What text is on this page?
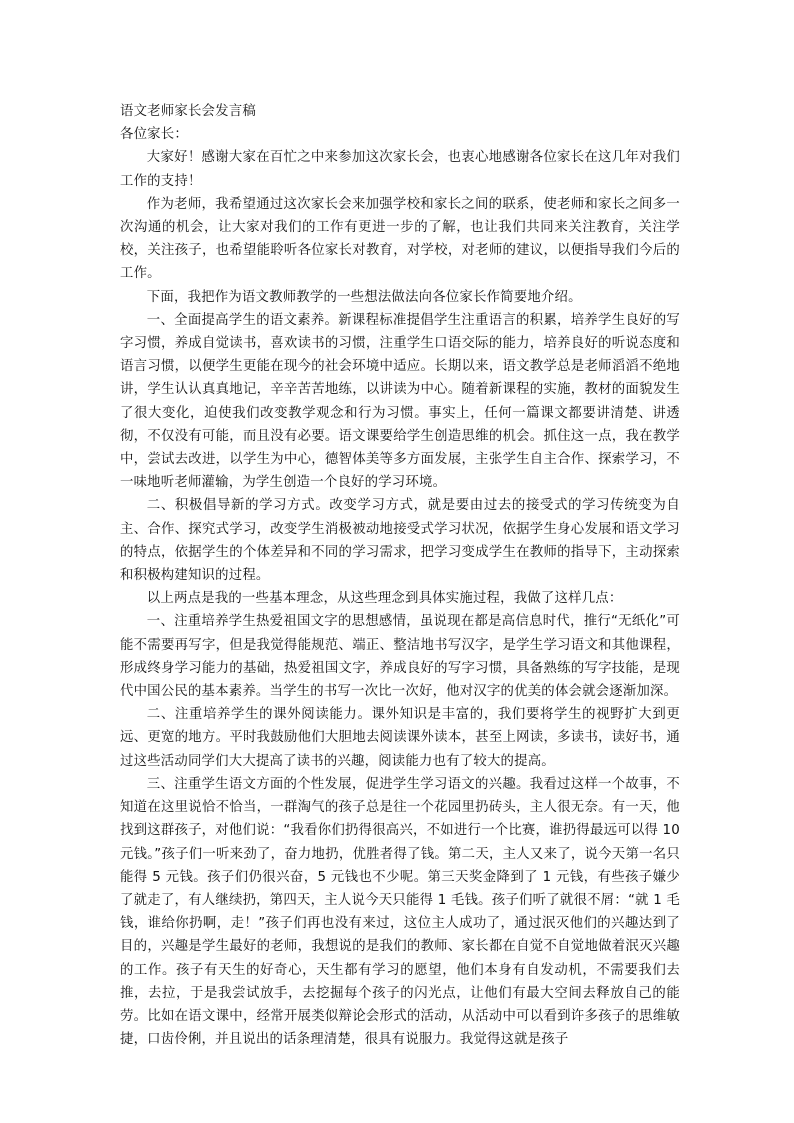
语文老师家长会发言稿

各位家长：

大家好！感谢大家在百忙之中来参加这次家长会，也衷心地感谢各位家长在这几年对我们工作的支持！

作为老师，我希望通过这次家长会来加强学校和家长之间的联系，使老师和家长之间多一次沟通的机会，让大家对我们的工作有更进一步的了解，也让我们共同来关注教育，关注学校，关注孩子，也希望能聆听各位家长对教育，对学校，对老师的建议，以便指导我们今后的工作。

下面，我把作为语文教师教学的一些想法做法向各位家长作简要地介绍。

一、全面提高学生的语文素养。新课程标准提倡学生注重语言的积累，培养学生良好的写字习惯，养成自觉读书，喜欢读书的习惯，注重学生口语交际的能力，培养良好的听说态度和语言习惯，以便学生更能在现今的社会环境中适应。长期以来，语文教学总是老师滔滔不绝地讲，学生认认真真地记，辛辛苦苦地练，以讲读为中心。随着新课程的实施，教材的面貌发生了很大变化，迫使我们改变教学观念和行为习惯。事实上，任何一篇课文都要讲清楚、讲透彻，不仅没有可能，而且没有必要。语文课要给学生创造思维的机会。抓住这一点，我在教学中，尝试去改进，以学生为中心，德智体美等多方面发展，主张学生自主合作、探索学习，不一味地听老师灌输，为学生创造一个良好的学习环境。

二、积极倡导新的学习方式。改变学习方式，就是要由过去的接受式的学习传统变为自主、合作、探究式学习，改变学生消极被动地接受式学习状况，依据学生身心发展和语文学习的特点，依据学生的个体差异和不同的学习需求，把学习变成学生在教师的指导下，主动探索和积极构建知识的过程。

以上两点是我的一些基本理念，从这些理念到具体实施过程，我做了这样几点：

一、注重培养学生热爱祖国文字的思想感情，虽说现在都是高信息时代，推行“无纸化”可能不需要再写字，但是我觉得能规范、端正、整洁地书写汉字，是学生学习语文和其他课程，形成终身学习能力的基础，热爱祖国文字，养成良好的写字习惯，具备熟练的写字技能，是现代中国公民的基本素养。当学生的书写一次比一次好，他对汉字的优美的体会就会逐渐加深。

二、注重培养学生的课外阅读能力。课外知识是丰富的，我们要将学生的视野扩大到更远、更宽的地方。平时我鼓励他们大胆地去阅读课外读本，甚至上网读，多读书，读好书，通过这些活动同学们大大提高了读书的兴趣，阅读能力也有了较大的提高。

三、注重学生语文方面的个性发展，促进学生学习语文的兴趣。我看过这样一个故事，不知道在这里说恰不恰当，一群淘气的孩子总是往一个花园里扔砖头，主人很无奈。有一天，他找到这群孩子，对他们说：“我看你们扔得很高兴，不如进行一个比赛，谁扔得最远可以得 10 元钱。”孩子们一听来劲了，奋力地扔，优胜者得了钱。第二天，主人又来了，说今天第一名只能得 5 元钱。孩子们仍很兴奋，5 元钱也不少呢。第三天奖金降到了 1 元钱，有些孩子嫌少了就走了，有人继续扔，第四天，主人说今天只能得 1 毛钱。孩子们听了就很不屑：“就 1 毛钱，谁给你扔啊，走！”孩子们再也没有来过，这位主人成功了，通过泯灭他们的兴趣达到了目的，兴趣是学生最好的老师，我想说的是我们的教师、家长都在自觉不自觉地做着泯灭兴趣的工作。孩子有天生的好奇心，天生都有学习的愿望，他们本身有自发动机，不需要我们去推，去拉，于是我尝试放手，去挖掘每个孩子的闪光点，让他们有最大空间去释放自己的能劳。比如在语文课中，经常开展类似辩论会形式的活动，从活动中可以看到许多孩子的思维敏捷，口齿伶俐，并且说出的话条理清楚，很具有说服力。我觉得这就是孩子
